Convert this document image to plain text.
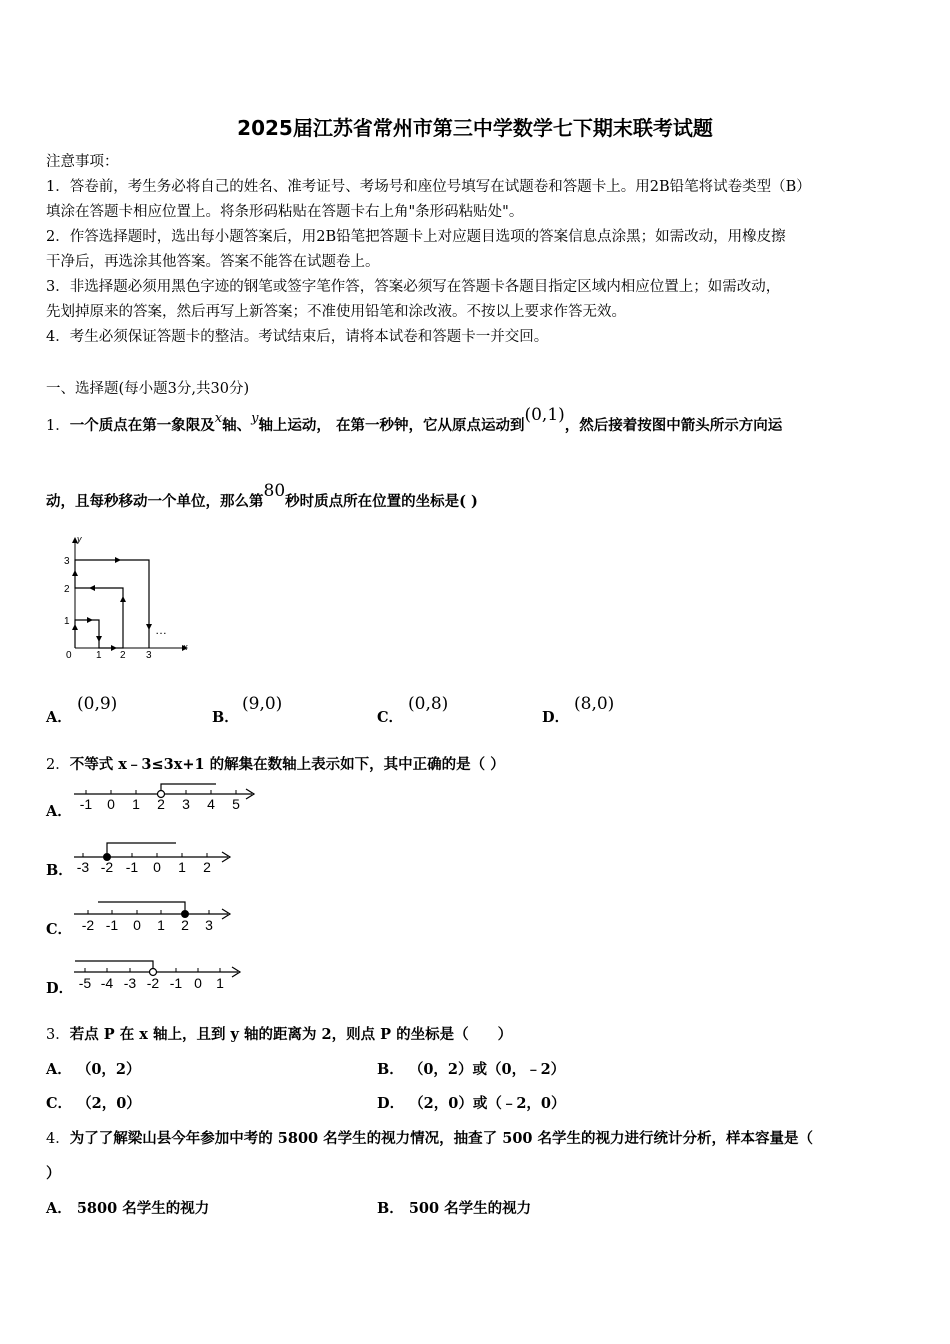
2025届江苏省常州市第三中学数学七下期末联考试题
注意事项：
1．答卷前，考生务必将自己的姓名、准考证号、考场号和座位号填写在试题卷和答题卡上。用2B铅笔将试卷类型（B）
填涂在答题卡相应位置上。将条形码粘贴在答题卡右上角"条形码粘贴处"。
2．作答选择题时，选出每小题答案后，用2B铅笔把答题卡上对应题目选项的答案信息点涂黑；如需改动，用橡皮擦
干净后，再选涂其他答案。答案不能答在试题卷上。
3．非选择题必须用黑色字迹的钢笔或签字笔作答，答案必须写在答题卡各题目指定区域内相应位置上；如需改动，
先划掉原来的答案，然后再写上新答案；不准使用铅笔和涂改液。不按以上要求作答无效。
4．考生必须保证答题卡的整洁。考试结束后，请将本试卷和答题卡一并交回。
一、选择题(每小题3分,共30分)
1．一个质点在第一象限及x轴、y轴上运动， 在第一秒钟，它从原点运动到(0,1)，然后接着按图中箭头所示方向运
动，且每秒移动一个单位，那么第80秒时质点所在位置的坐标是( )
y
x
0 1 2 3
1
2
3
…
A．
(0,9)
B．
(9,0)
C．
(0,8)
D．
(8,0)
2．不等式 x﹣3≤3x+1 的解集在数轴上表示如下，其中正确的是（ ）
A． -1 0 1 2 3 4 5
B． -3 -2 -1 0 1 2
C． -2 -1 0 1 2 3
D． -5 -4 -3 -2 -1 0 1
3．若点 P 在 x 轴上，且到 y 轴的距离为 2，则点 P 的坐标是（　　）
A． （0，2）	B． （0，2）或（0，﹣2）
C． （2，0）	D． （2，0）或（﹣2，0）
4．为了了解梁山县今年参加中考的 5800 名学生的视力情况，抽查了 500 名学生的视力进行统计分析，样本容量是（
）
A． 5800 名学生的视力	B． 500 名学生的视力
